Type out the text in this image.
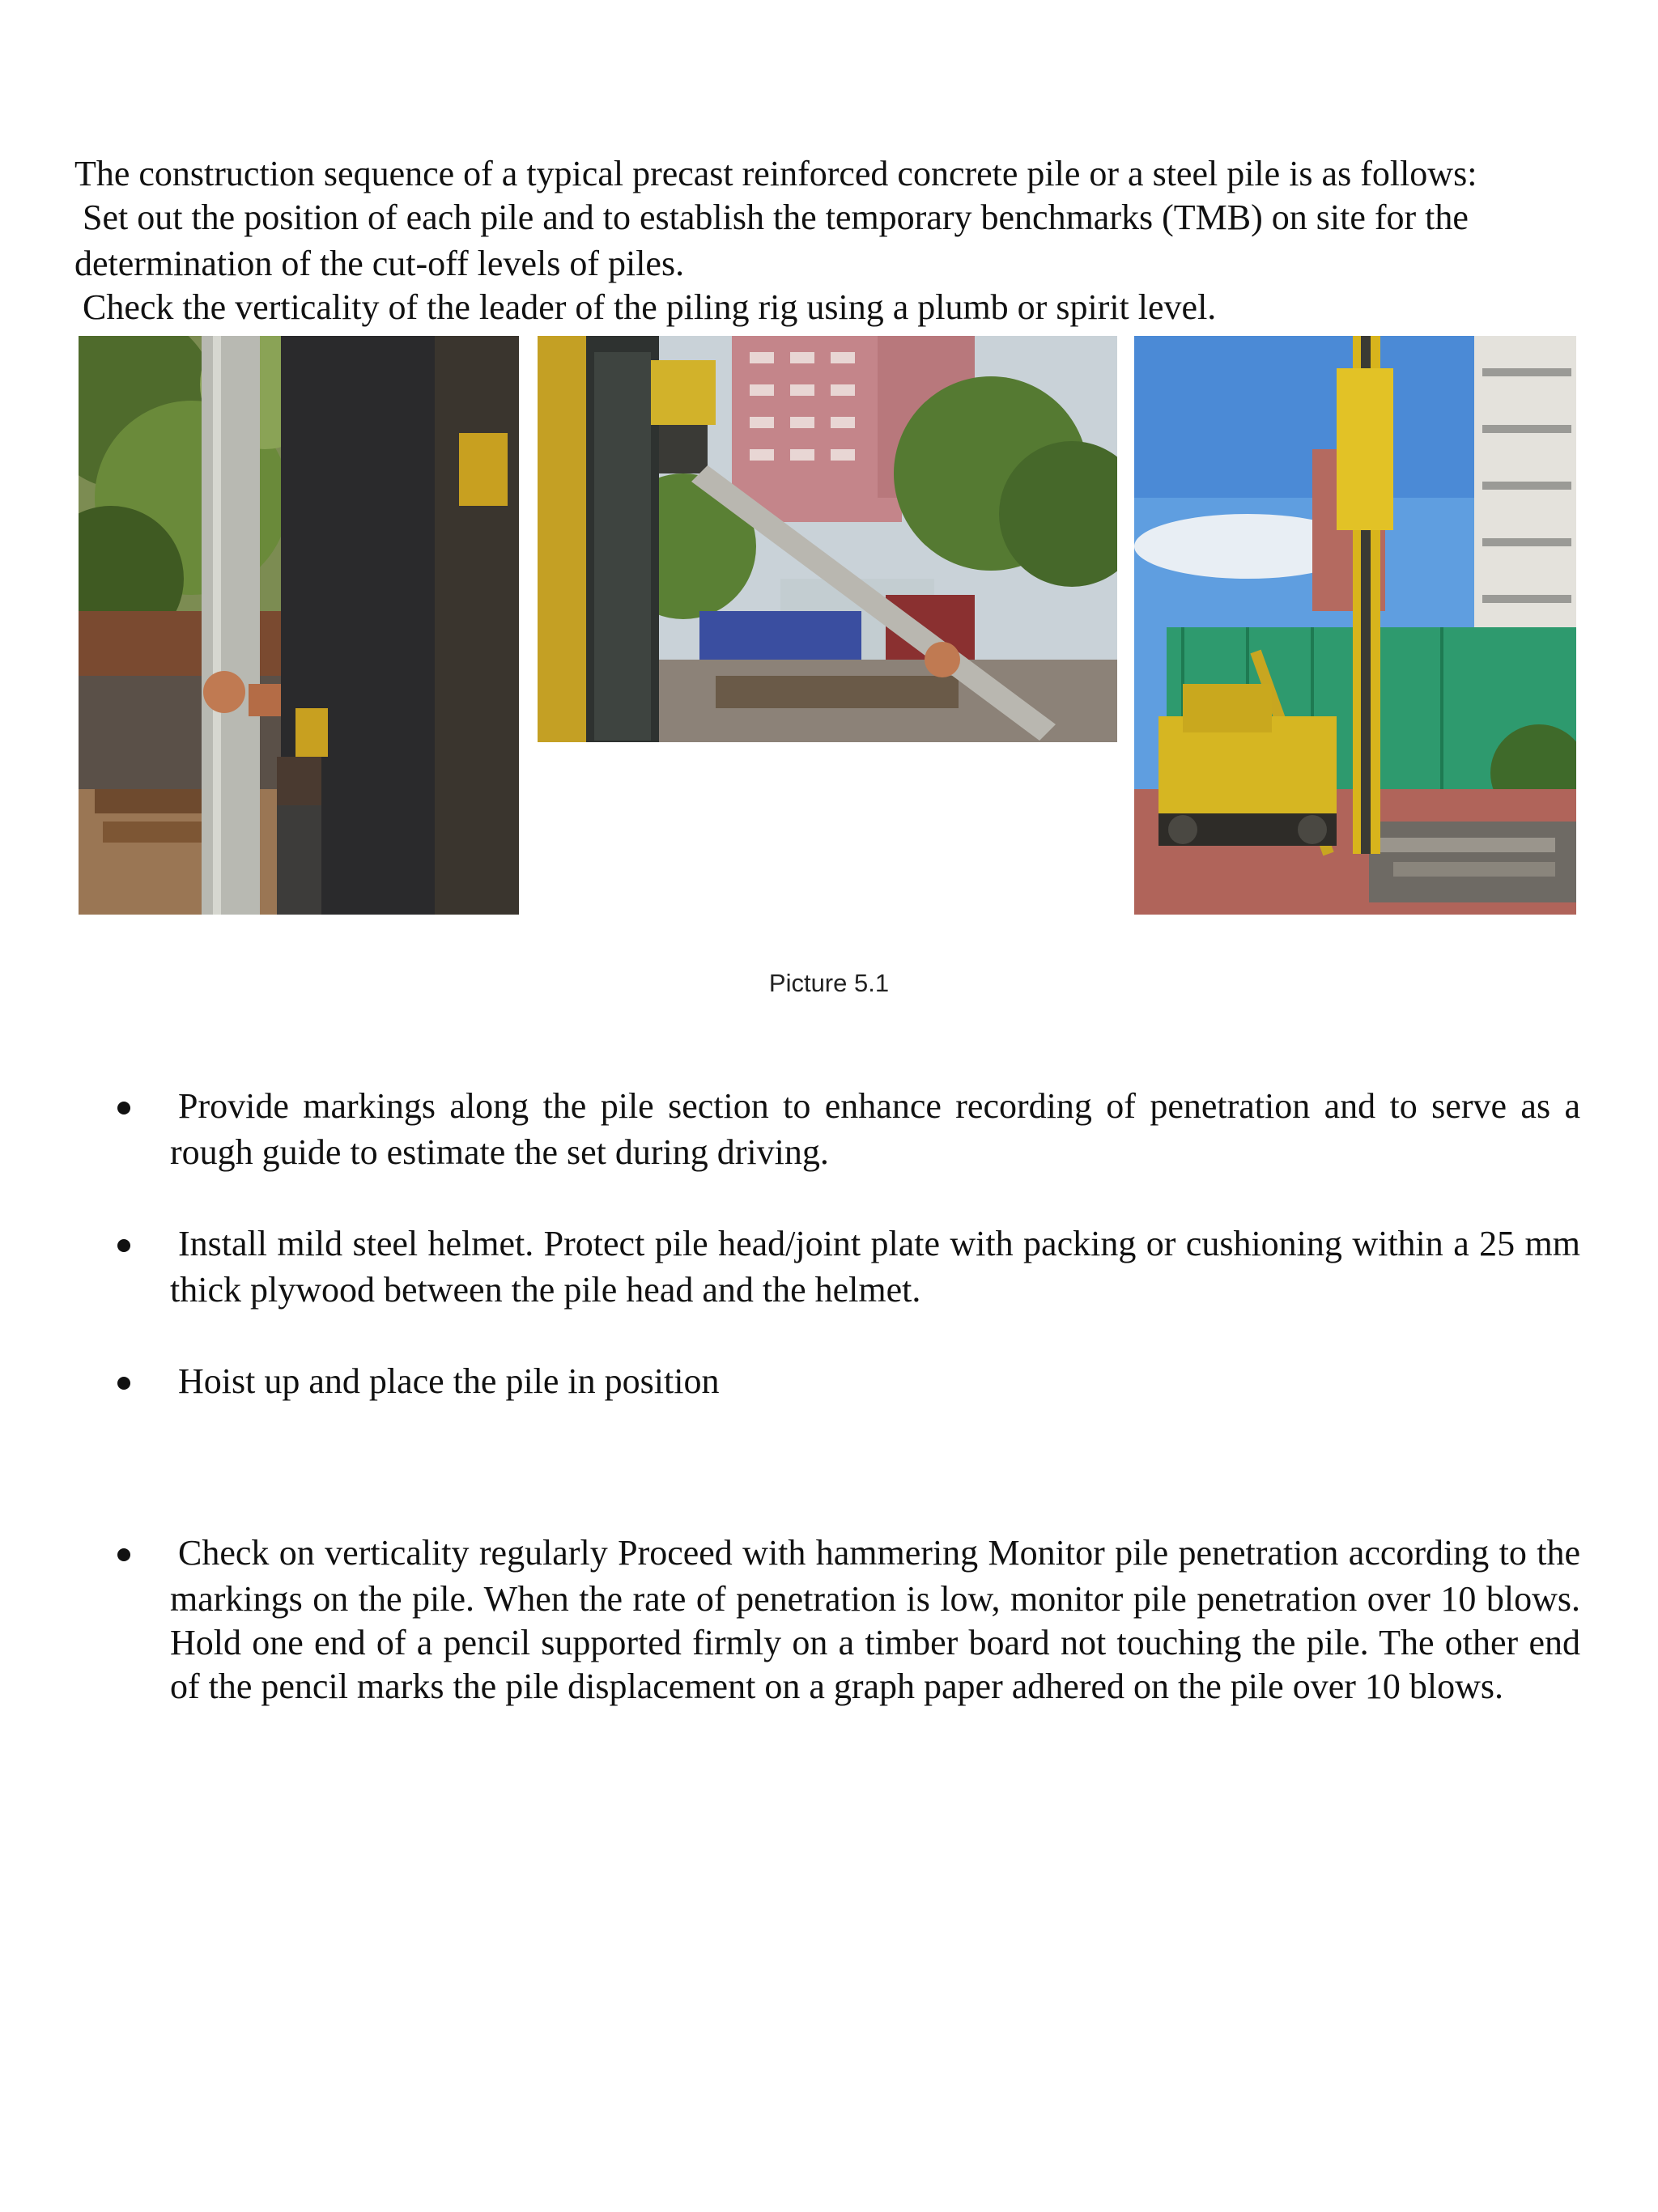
The construction sequence of a typical precast reinforced concrete pile or a steel pile is as follows:

Set out the position of each pile and to establish the temporary benchmarks (TMB) on site for the determination of the cut-off levels of piles.

Check the verticality of the leader of the piling rig using a plumb or spirit level.

Picture 5.1
Provide markings along the pile section to enhance recording of penetration and to serve as a rough guide to estimate the set during driving.
Install mild steel helmet. Protect pile head/joint plate with packing or cushioning within a 25 mm thick plywood between the pile head and the helmet.
Hoist up and place the pile in position
Check on verticality regularly Proceed with hammering Monitor pile penetration according to the markings on the pile. When the rate of penetration is low, monitor pile penetration over 10 blows. Hold one end of a pencil supported firmly on a timber board not touching the pile. The other end of the pencil marks the pile displacement on a graph paper adhered on the pile over 10 blows.
